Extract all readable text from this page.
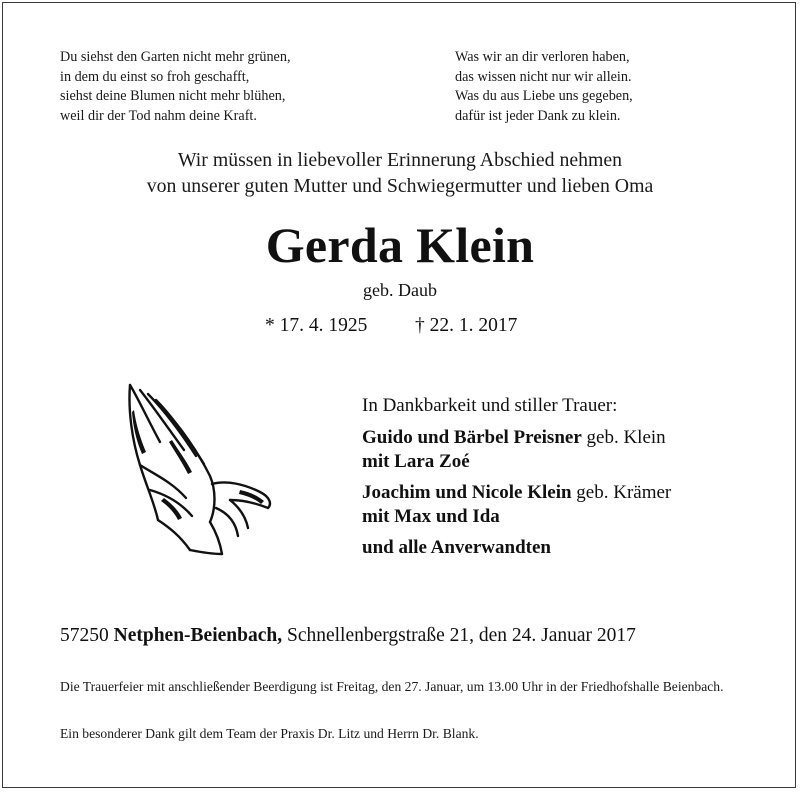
Du siehst den Garten nicht mehr grünen,
in dem du einst so froh geschafft,
siehst deine Blumen nicht mehr blühen,
weil dir der Tod nahm deine Kraft.
Was wir an dir verloren haben,
das wissen nicht nur wir allein.
Was du aus Liebe uns gegeben,
dafür ist jeder Dank zu klein.
Wir müssen in liebevoller Erinnerung Abschied nehmen
von unserer guten Mutter und Schwiegermutter und lieben Oma
Gerda Klein
geb. Daub
* 17. 4. 1925 † 22. 1. 2017
In Dankbarkeit und stiller Trauer:
Guido und Bärbel Preisner geb. Klein
mit Lara Zoé
Joachim und Nicole Klein geb. Krämer
mit Max und Ida
und alle Anverwandten
57250 Netphen-Beienbach, Schnellenbergstraße 21, den 24. Januar 2017
Die Trauerfeier mit anschließender Beerdigung ist Freitag, den 27. Januar, um 13.00 Uhr in der Friedhofshalle Beienbach.
Ein besonderer Dank gilt dem Team der Praxis Dr. Litz und Herrn Dr. Blank.
